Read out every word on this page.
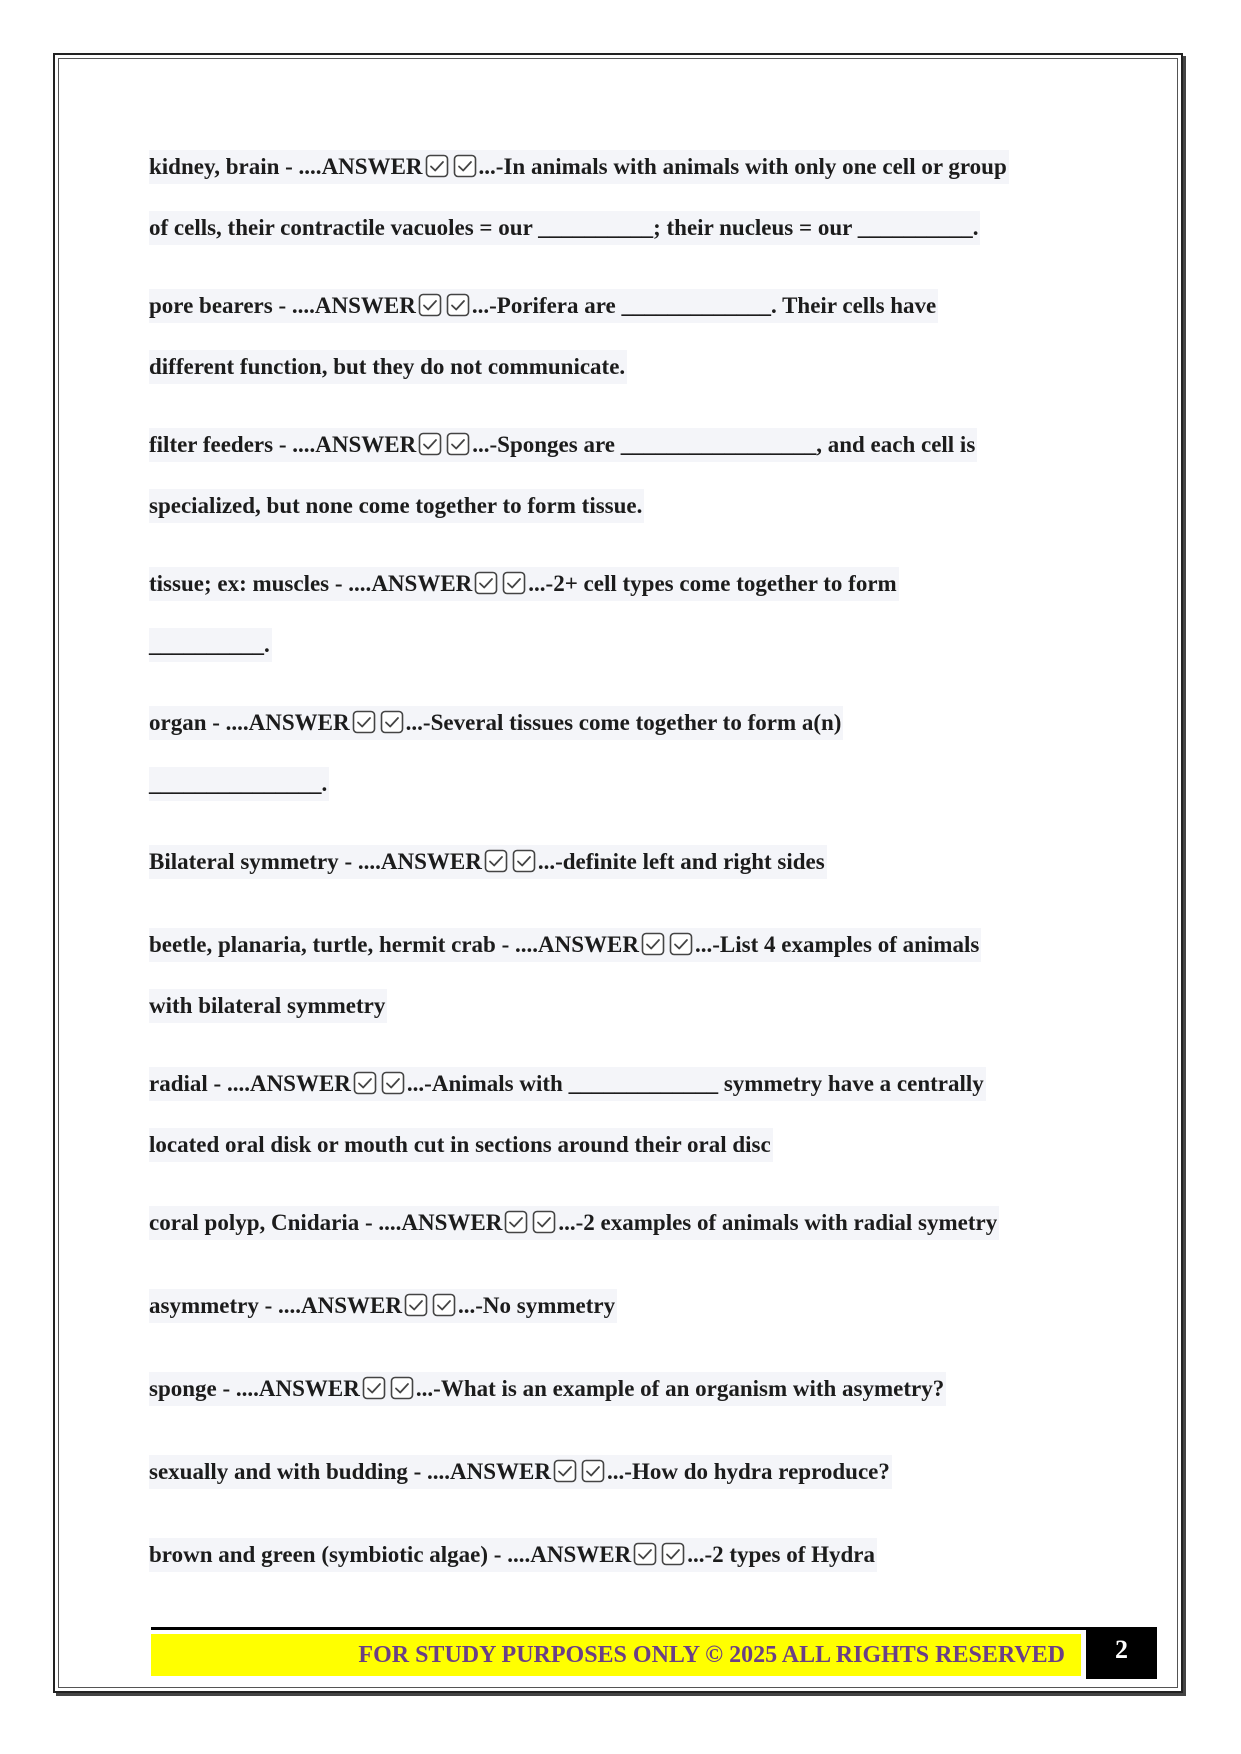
kidney, brain - ....ANSWER ...-In animals with animals with only one cell or group
of cells, their contractile vacuoles = our __________; their nucleus = our __________.
pore bearers - ....ANSWER ...-Porifera are _____________. Their cells have
different function, but they do not communicate.
filter feeders - ....ANSWER ...-Sponges are _________________, and each cell is
specialized, but none come together to form tissue.
tissue; ex: muscles - ....ANSWER ...-2+ cell types come together to form
__________.
organ - ....ANSWER ...-Several tissues come together to form a(n)
_______________.
Bilateral symmetry - ....ANSWER ...-definite left and right sides
beetle, planaria, turtle, hermit crab - ....ANSWER ...-List 4 examples of animals
with bilateral symmetry
radial - ....ANSWER ...-Animals with _____________ symmetry have a centrally
located oral disk or mouth cut in sections around their oral disc
coral polyp, Cnidaria - ....ANSWER ...-2 examples of animals with radial symetry
asymmetry - ....ANSWER ...-No symmetry
sponge - ....ANSWER ...-What is an example of an organism with asymetry?
sexually and with budding - ....ANSWER ...-How do hydra reproduce?
brown and green (symbiotic algae) - ....ANSWER ...-2 types of Hydra
FOR STUDY PURPOSES ONLY © 2025 ALL RIGHTS RESERVED	2
